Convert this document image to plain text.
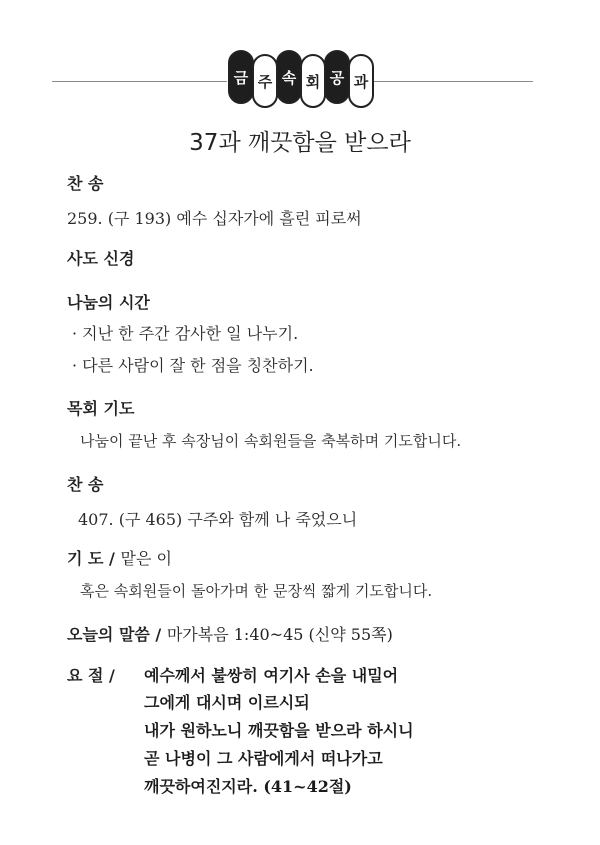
금 주 속 회 공 과
37과 깨끗함을 받으라
찬 송
259. (구 193) 예수 십자가에 흘린 피로써
사도 신경
나눔의 시간
· 지난 한 주간 감사한 일 나누기.
· 다른 사람이 잘 한 점을 칭찬하기.
목회 기도
나눔이 끝난 후 속장님이 속회원들을 축복하며 기도합니다.
찬 송
407. (구 465) 구주와 함께 나 죽었으니
기 도 / 맡은 이
혹은 속회원들이 돌아가며 한 문장씩 짧게 기도합니다.
오늘의 말씀 / 마가복음 1:40~45 (신약 55쪽)
요 절 / 예수께서 불쌍히 여기사 손을 내밀어
그에게 대시며 이르시되
내가 원하노니 깨끗함을 받으라 하시니
곧 나병이 그 사람에게서 떠나가고
깨끗하여진지라. (41~42절)
